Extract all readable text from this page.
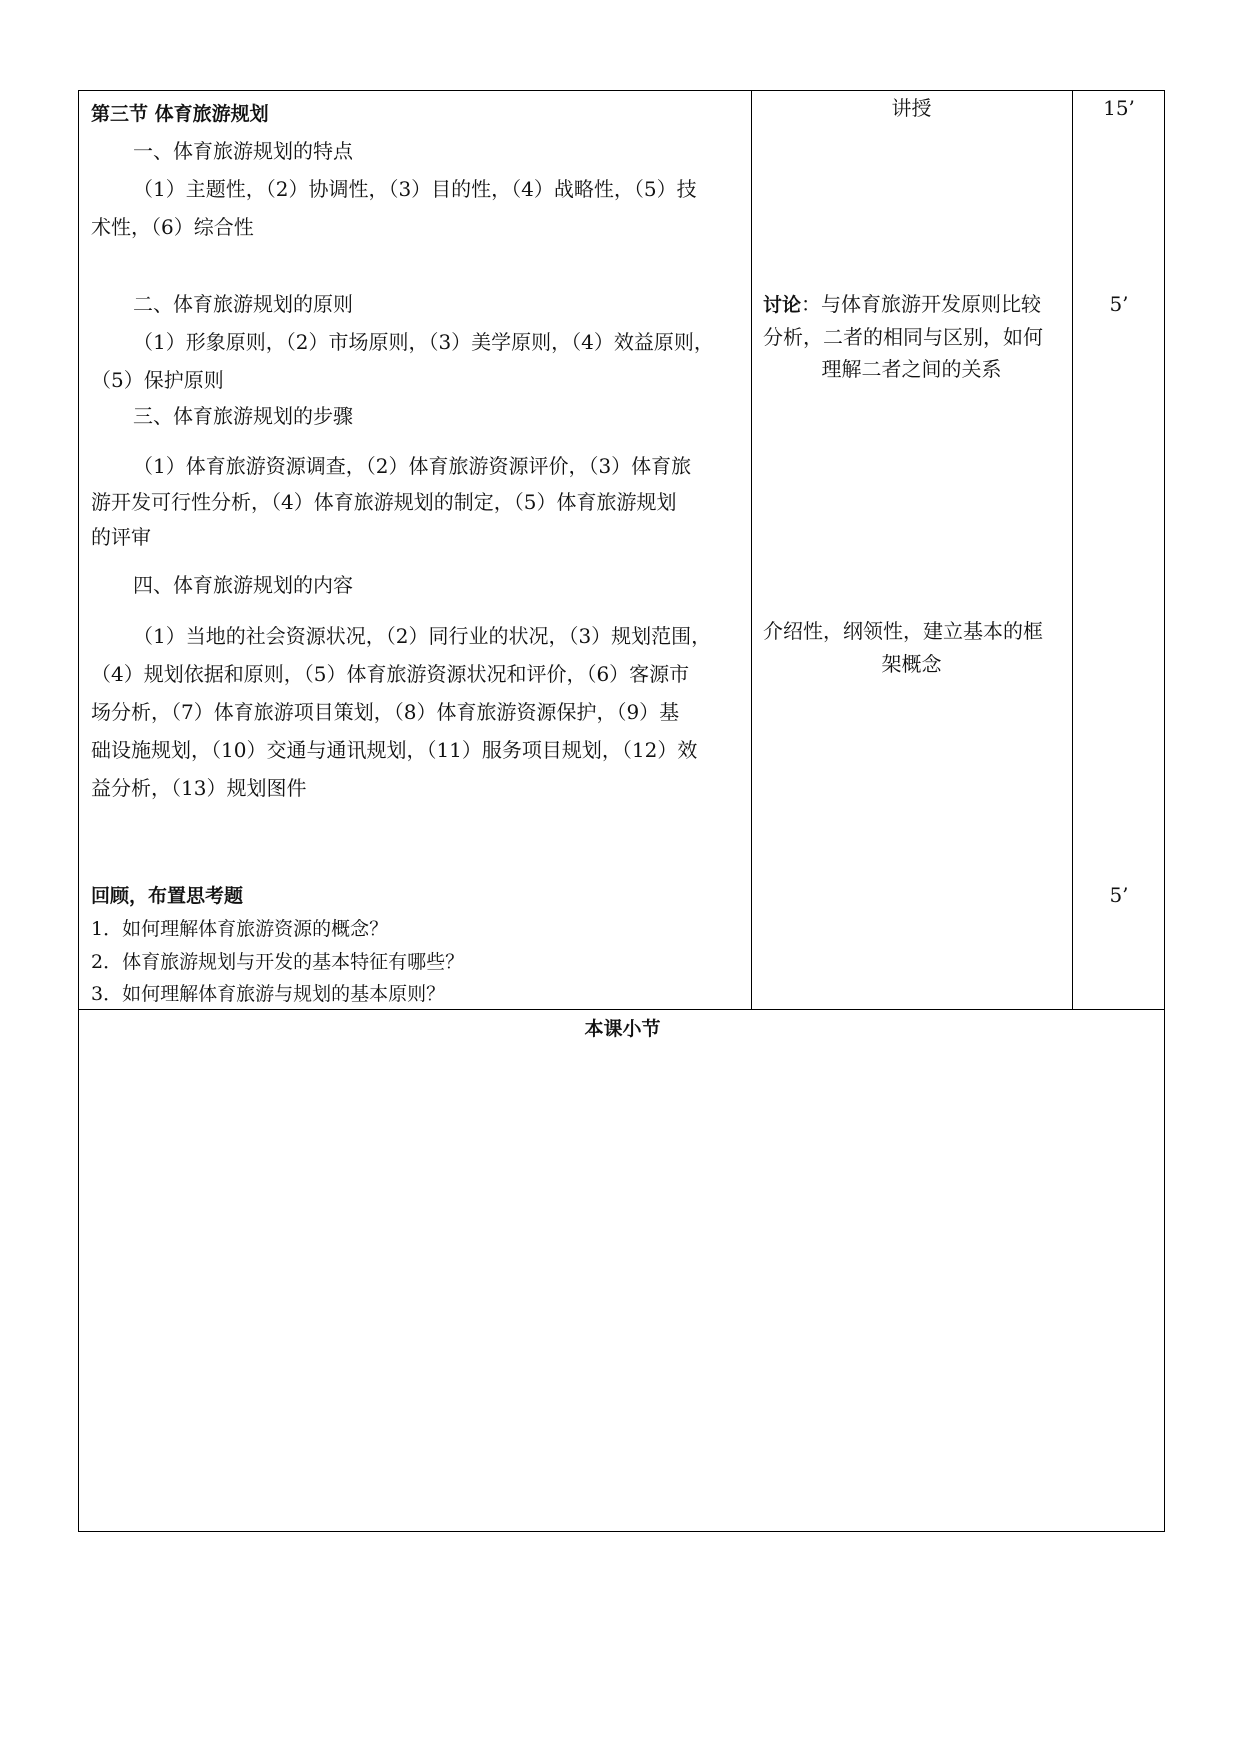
第三节 体育旅游规划
一、体育旅游规划的特点
（1）主题性，（2）协调性，（3）目的性，（4）战略性，（5）技
术性，（6）综合性
二、体育旅游规划的原则
（1）形象原则，（2）市场原则，（3）美学原则，（4）效益原则，
（5）保护原则
三、体育旅游规划的步骤
（1）体育旅游资源调查，（2）体育旅游资源评价，（3）体育旅
游开发可行性分析，（4）体育旅游规划的制定，（5）体育旅游规划
的评审
四、体育旅游规划的内容
（1）当地的社会资源状况，（2）同行业的状况，（3）规划范围，
（4）规划依据和原则，（5）体育旅游资源状况和评价，（6）客源市
场分析，（7）体育旅游项目策划，（8）体育旅游资源保护，（9）基
础设施规划，（10）交通与通讯规划，（11）服务项目规划，（12）效
益分析，（13）规划图件
回顾，布置思考题
1．如何理解体育旅游资源的概念？
2．体育旅游规划与开发的基本特征有哪些？
3．如何理解体育旅游与规划的基本原则？
讲授
讨论：与体育旅游开发原则比较
分析，二者的相同与区别，如何
理解二者之间的关系
介绍性，纲领性，建立基本的框
架概念
15’
5’
5’
本课小节
